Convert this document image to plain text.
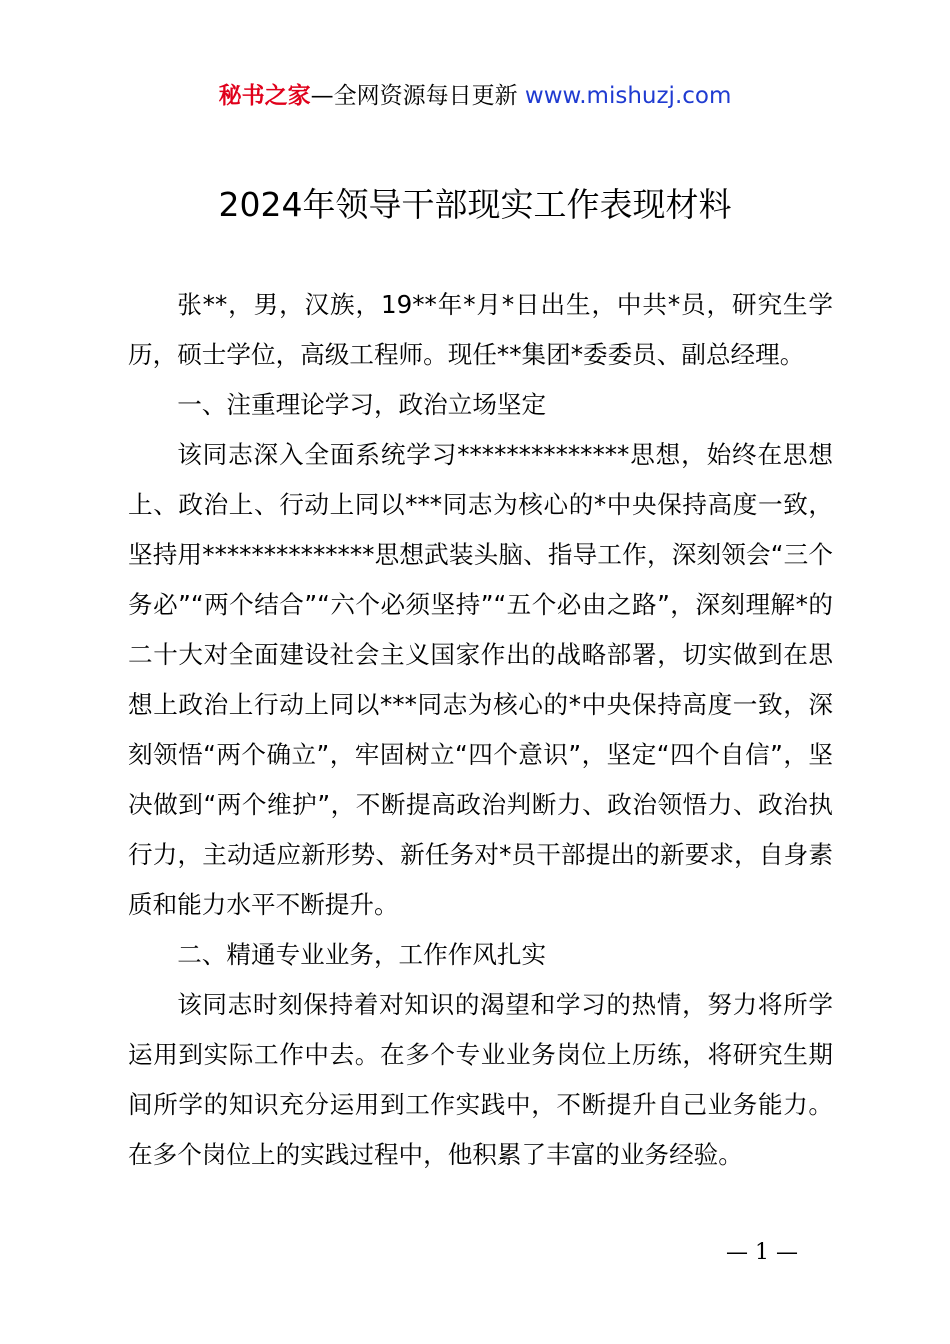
秘书之家—全网资源每日更新 www.mishuzj.com
2024年领导干部现实工作表现材料

张**，男，汉族，19**年*月*日出生，中共*员，研究生学历，硕士学位，高级工程师。现任**集团*委委员、副总经理。

一、注重理论学习，政治立场坚定

该同志深入全面系统学习**************思想，始终在思想上、政治上、行动上同以***同志为核心的*中央保持高度一致，坚持用**************思想武装头脑、指导工作，深刻领会“三个务必”“两个结合”“六个必须坚持”“五个必由之路”，深刻理解*的二十大对全面建设社会主义国家作出的战略部署，切实做到在思想上政治上行动上同以***同志为核心的*中央保持高度一致，深刻领悟“两个确立”，牢固树立“四个意识”，坚定“四个自信”，坚决做到“两个维护”，不断提高政治判断力、政治领悟力、政治执行力，主动适应新形势、新任务对*员干部提出的新要求，自身素质和能力水平不断提升。

二、精通专业业务，工作作风扎实

该同志时刻保持着对知识的渴望和学习的热情，努力将所学运用到实际工作中去。在多个专业业务岗位上历练，将研究生期间所学的知识充分运用到工作实践中，不断提升自己业务能力。在多个岗位上的实践过程中，他积累了丰富的业务经验。

— 1 —
